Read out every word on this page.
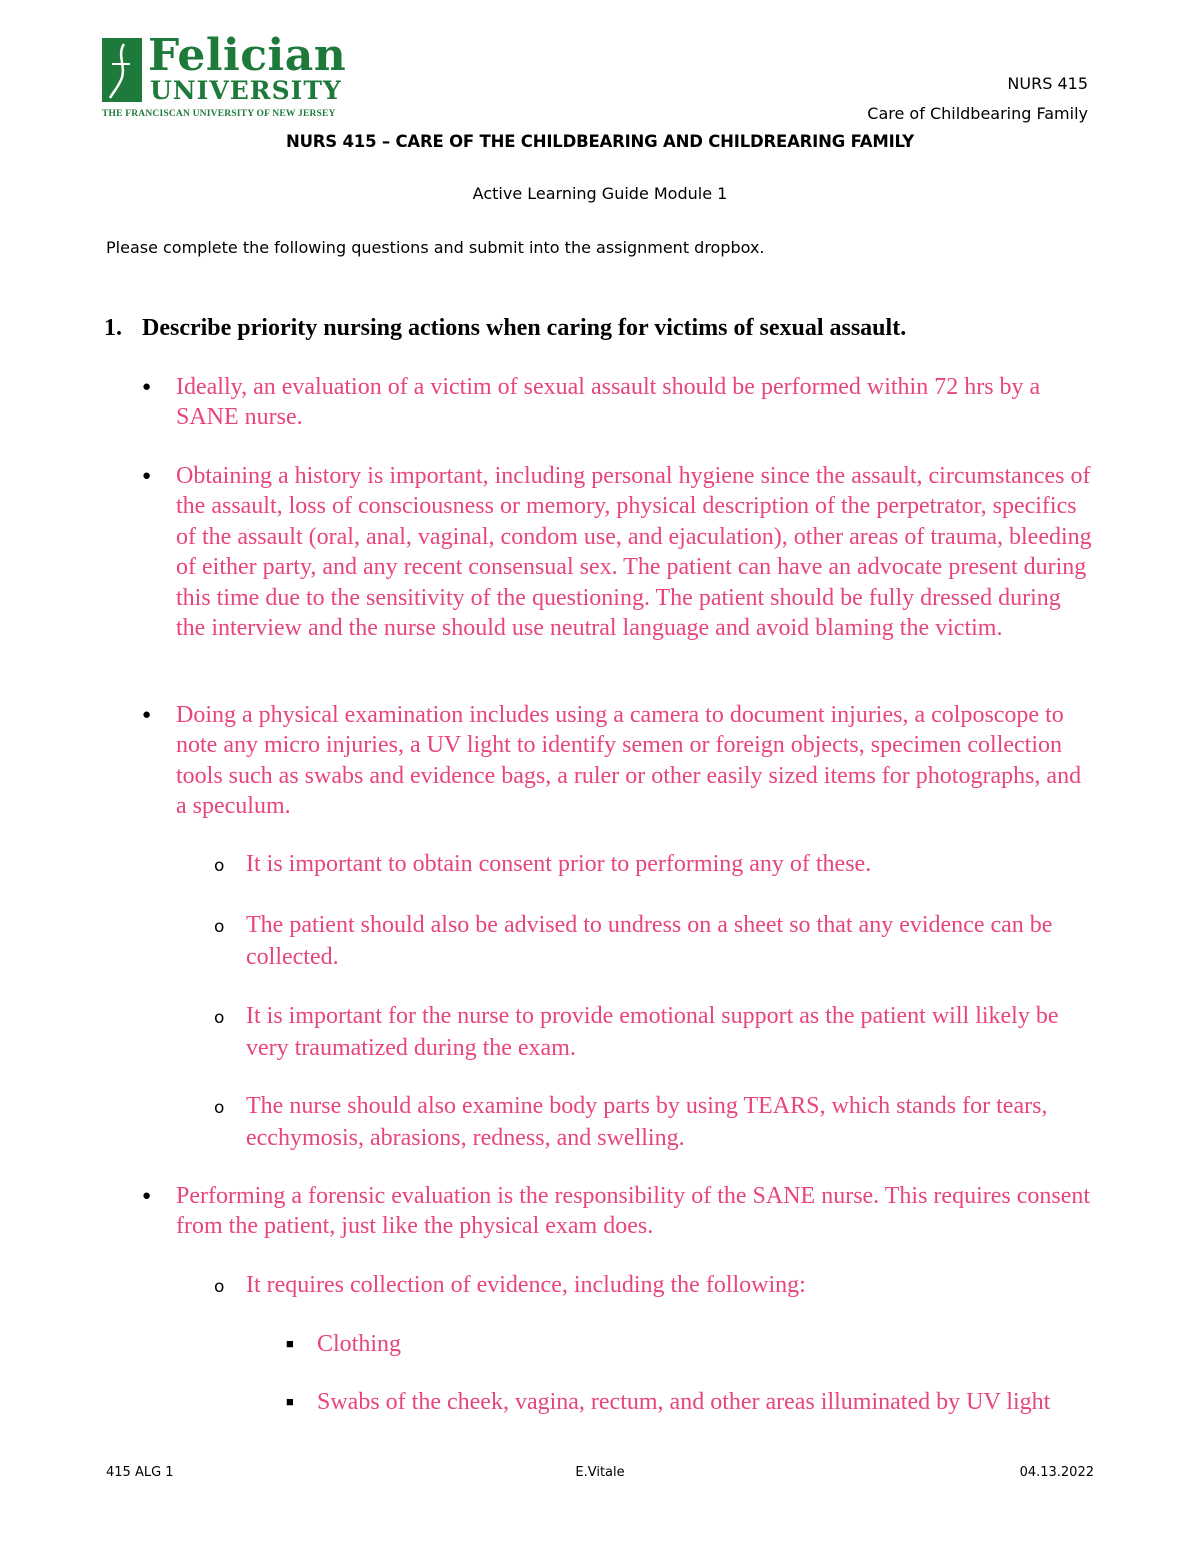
Felician
UNIVERSITY
THE FRANCISCAN UNIVERSITY OF NEW JERSEY
NURS 415
Care of Childbearing Family
NURS 415 – CARE OF THE CHILDBEARING AND CHILDREARING FAMILY
Active Learning Guide Module 1
Please complete the following questions and submit into the assignment dropbox.
1. Describe priority nursing actions when caring for victims of sexual assault.
● Ideally, an evaluation of a victim of sexual assault should be performed within 72 hrs by a SANE nurse.
● Obtaining a history is important, including personal hygiene since the assault, circumstances of the assault, loss of consciousness or memory, physical description of the perpetrator, specifics of the assault (oral, anal, vaginal, condom use, and ejaculation), other areas of trauma, bleeding of either party, and any recent consensual sex. The patient can have an advocate present during this time due to the sensitivity of the questioning. The patient should be fully dressed during the interview and the nurse should use neutral language and avoid blaming the victim.
● Doing a physical examination includes using a camera to document injuries, a colposcope to note any micro injuries, a UV light to identify semen or foreign objects, specimen collection tools such as swabs and evidence bags, a ruler or other easily sized items for photographs, and a speculum.
o It is important to obtain consent prior to performing any of these.
o The patient should also be advised to undress on a sheet so that any evidence can be collected.
o It is important for the nurse to provide emotional support as the patient will likely be very traumatized during the exam.
o The nurse should also examine body parts by using TEARS, which stands for tears, ecchymosis, abrasions, redness, and swelling.
● Performing a forensic evaluation is the responsibility of the SANE nurse. This requires consent from the patient, just like the physical exam does.
o It requires collection of evidence, including the following:
■ Clothing
■ Swabs of the cheek, vagina, rectum, and other areas illuminated by UV light
415 ALG 1	E.Vitale	04.13.2022
